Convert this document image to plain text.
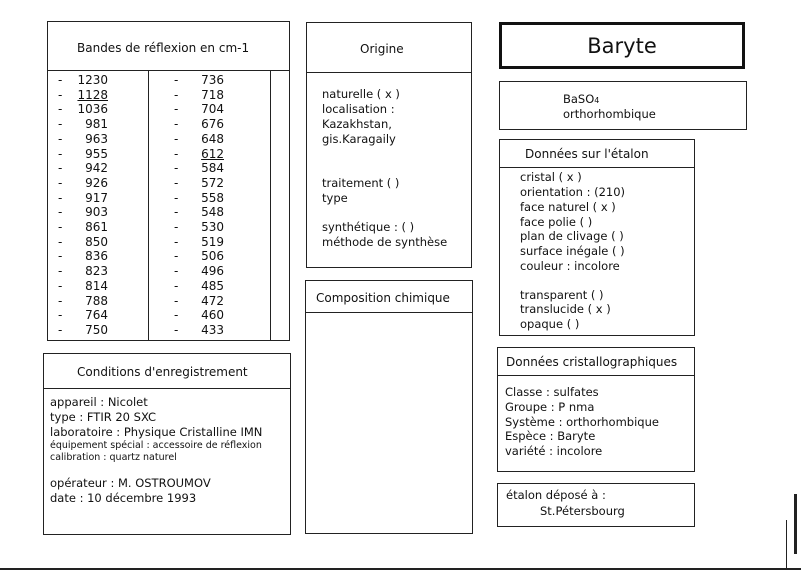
Bandes de réflexion en cm-1
- 1230
- 1128
- 1036
- 981
- 963
- 955
- 942
- 926
- 917
- 903
- 861
- 850
- 836
- 823
- 814
- 788
- 764
- 750
- 736
- 718
- 704
- 676
- 648
- 612
- 584
- 572
- 558
- 548
- 530
- 519
- 506
- 496
- 485
- 472
- 460
- 433
Origine
naturelle ( x )
localisation :
Kazakhstan,
gis.Karagaily
traitement ( )
type
synthétique : ( )
méthode de synthèse
Baryte
BaSO4
orthorhombique
Données sur l'étalon
cristal ( x )
orientation : (210)
face naturel ( x )
face polie ( )
plan de clivage ( )
surface inégale ( )
couleur : incolore
transparent ( )
translucide ( x )
opaque ( )
Composition chimique
Conditions d'enregistrement
appareil : Nicolet
type : FTIR 20 SXC
laboratoire : Physique Cristalline IMN
équipement spécial : accessoire de réflexion
calibration : quartz naturel
opérateur : M. OSTROUMOV
date : 10 décembre 1993
Données cristallographiques
Classe : sulfates
Groupe : P nma
Système : orthorhombique
Espèce : Baryte
variété : incolore
étalon déposé à :
St.Pétersbourg
